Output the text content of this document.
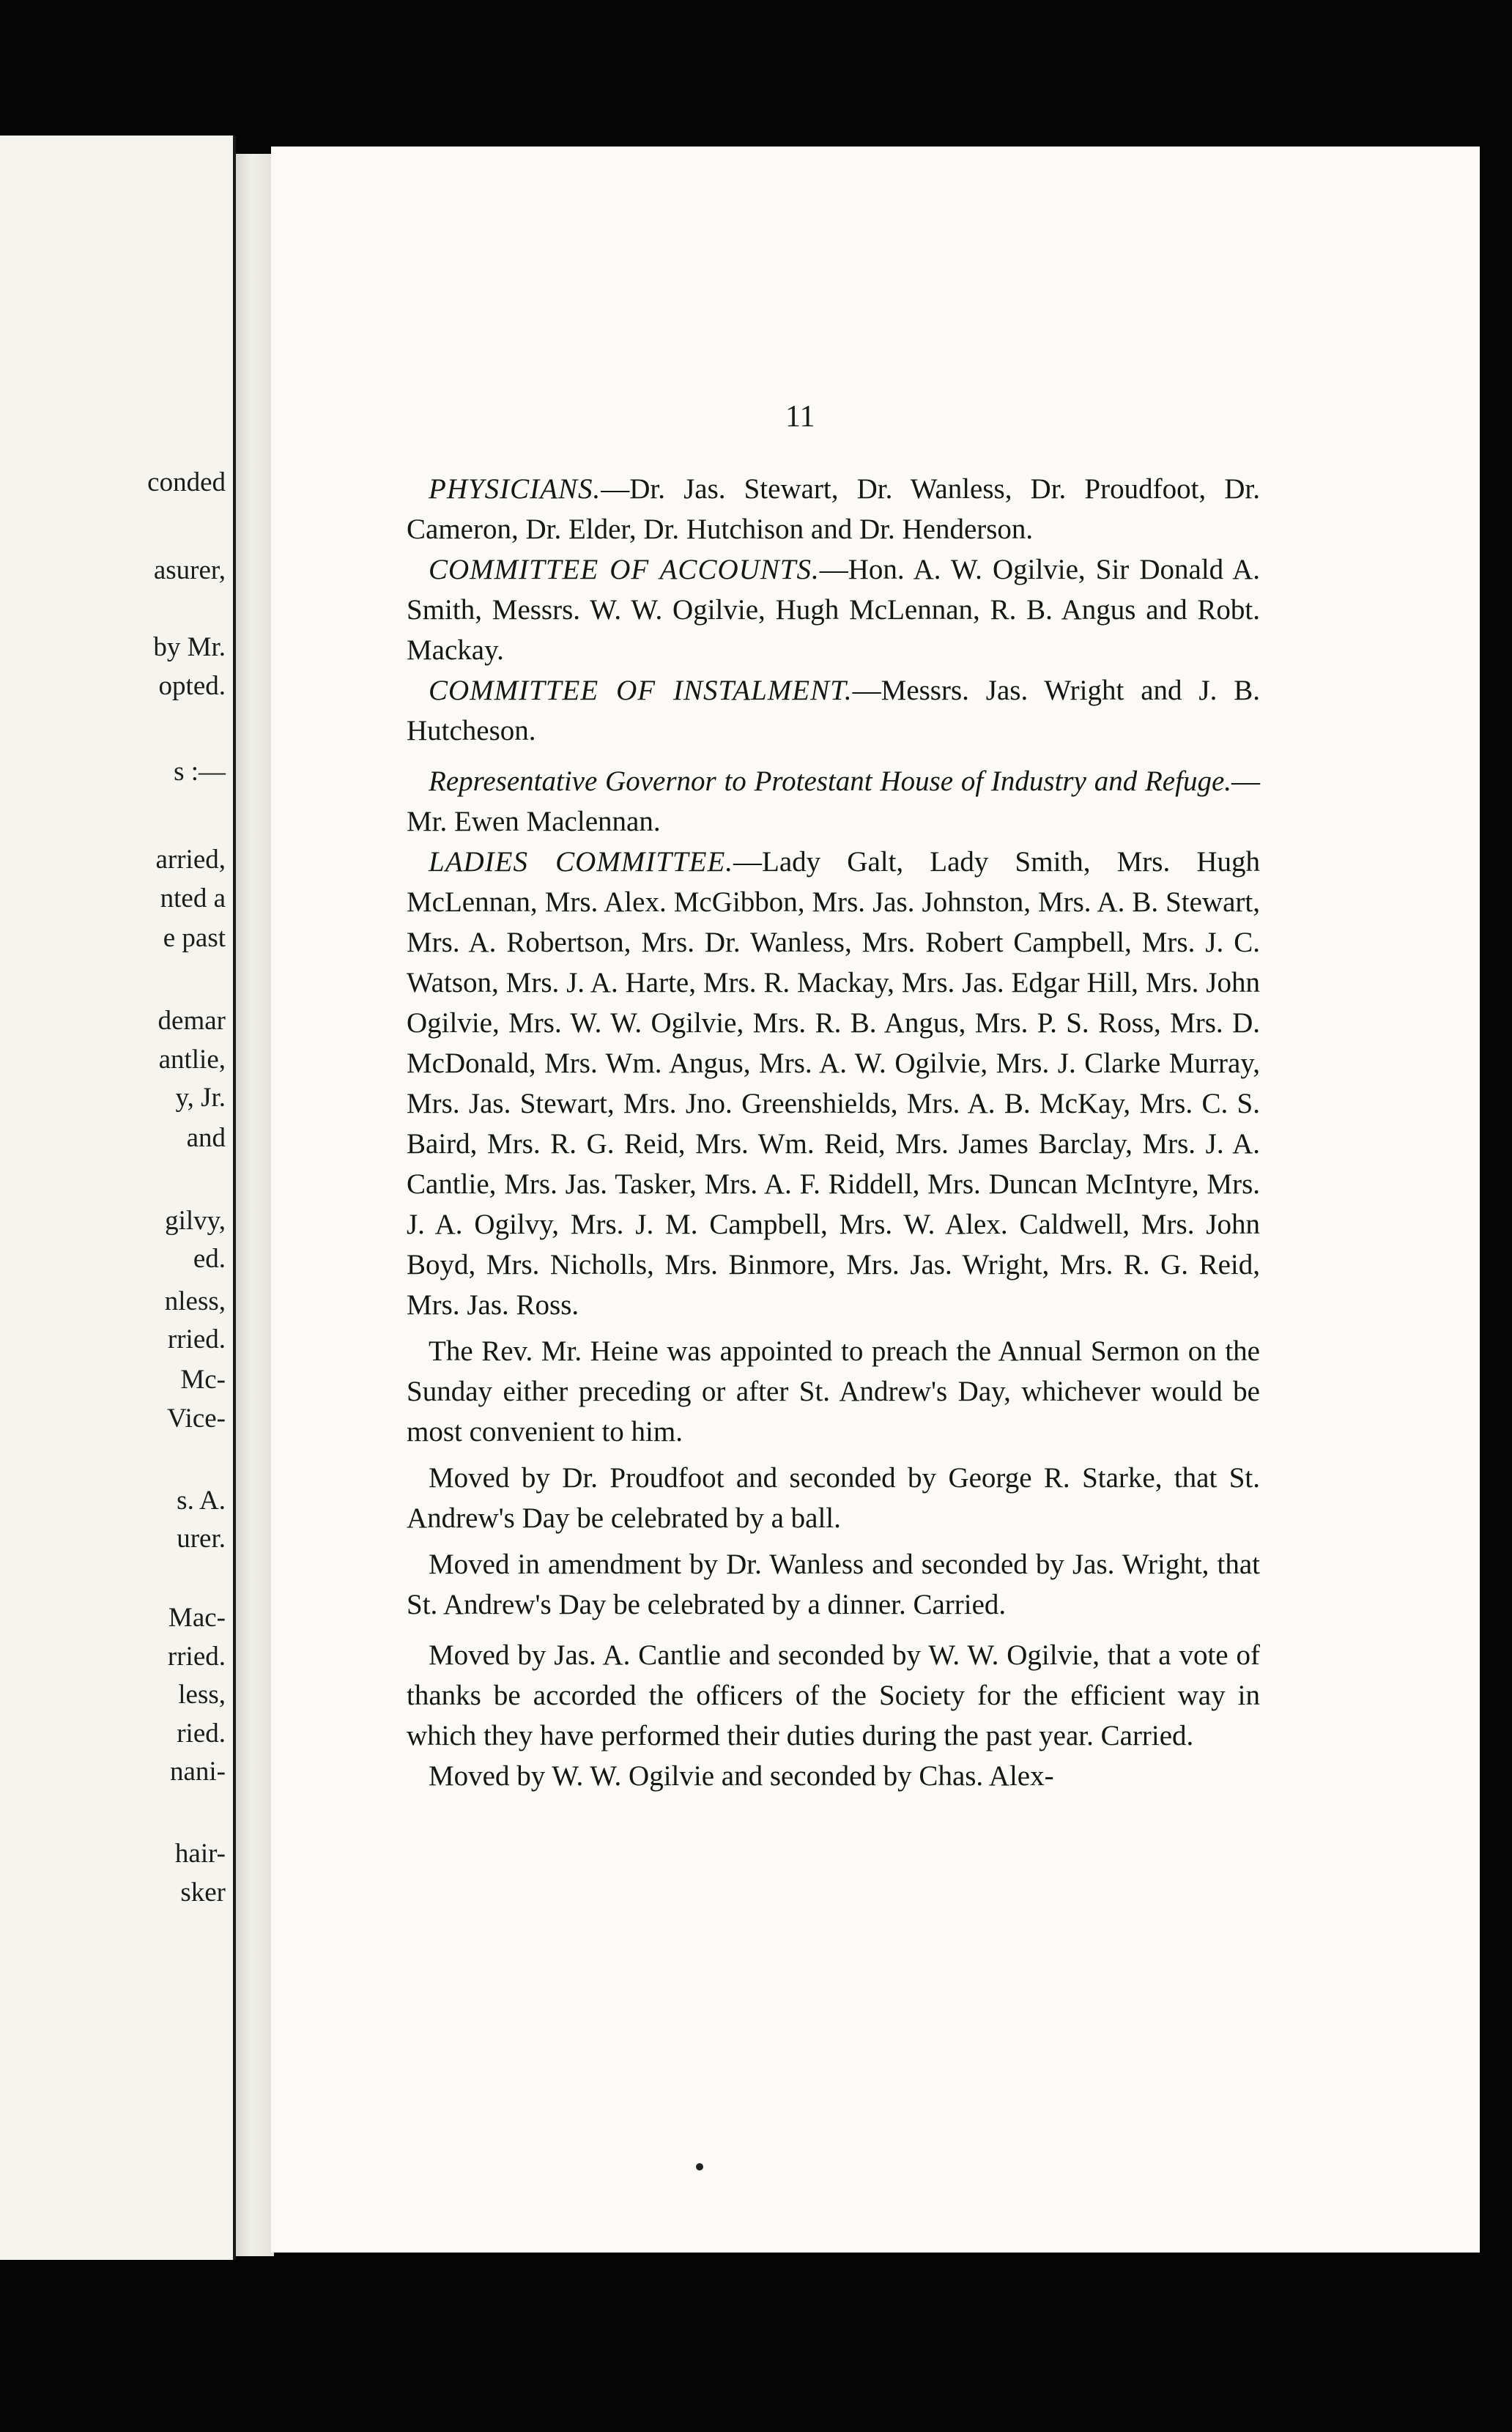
conded
asurer,
by Mr.
opted.
s :—
arried,
nted a
e past
demar
antlie,
y, Jr.
and
gilvy,
ed.
nless,
rried.
Mc-
Vice-
s. A.
urer.
Mac-
rried.
less,
ried.
nani-
hair-
sker
11

PHYSICIANS.—Dr. Jas. Stewart, Dr. Wanless, Dr. Proudfoot, Dr. Cameron, Dr. Elder, Dr. Hutchison and Dr. Henderson.

COMMITTEE OF ACCOUNTS.—Hon. A. W. Ogilvie, Sir Donald A. Smith, Messrs. W. W. Ogilvie, Hugh McLennan, R. B. Angus and Robt. Mackay.

COMMITTEE OF INSTALMENT.—Messrs. Jas. Wright and J. B. Hutcheson.

Representative Governor to Protestant House of Industry and Refuge.—Mr. Ewen Maclennan.

LADIES COMMITTEE.—Lady Galt, Lady Smith, Mrs. Hugh McLennan, Mrs. Alex. McGibbon, Mrs. Jas. Johnston, Mrs. A. B. Stewart, Mrs. A. Robertson, Mrs. Dr. Wanless, Mrs. Robert Campbell, Mrs. J. C. Watson, Mrs. J. A. Harte, Mrs. R. Mackay, Mrs. Jas. Edgar Hill, Mrs. John Ogilvie, Mrs. W. W. Ogilvie, Mrs. R. B. Angus, Mrs. P. S. Ross, Mrs. D. McDonald, Mrs. Wm. Angus, Mrs. A. W. Ogilvie, Mrs. J. Clarke Murray, Mrs. Jas. Stewart, Mrs. Jno. Greenshields, Mrs. A. B. McKay, Mrs. C. S. Baird, Mrs. R. G. Reid, Mrs. Wm. Reid, Mrs. James Barclay, Mrs. J. A. Cantlie, Mrs. Jas. Tasker, Mrs. A. F. Riddell, Mrs. Duncan McIntyre, Mrs. J. A. Ogilvy, Mrs. J. M. Campbell, Mrs. W. Alex. Caldwell, Mrs. John Boyd, Mrs. Nicholls, Mrs. Binmore, Mrs. Jas. Wright, Mrs. R. G. Reid, Mrs. Jas. Ross.

The Rev. Mr. Heine was appointed to preach the Annual Sermon on the Sunday either preceding or after St. Andrew's Day, whichever would be most convenient to him.

Moved by Dr. Proudfoot and seconded by George R. Starke, that St. Andrew's Day be celebrated by a ball.

Moved in amendment by Dr. Wanless and seconded by Jas. Wright, that St. Andrew's Day be celebrated by a dinner. Carried.

Moved by Jas. A. Cantlie and seconded by W. W. Ogilvie, that a vote of thanks be accorded the officers of the Society for the efficient way in which they have performed their duties during the past year. Carried.

Moved by W. W. Ogilvie and seconded by Chas. Alex-
